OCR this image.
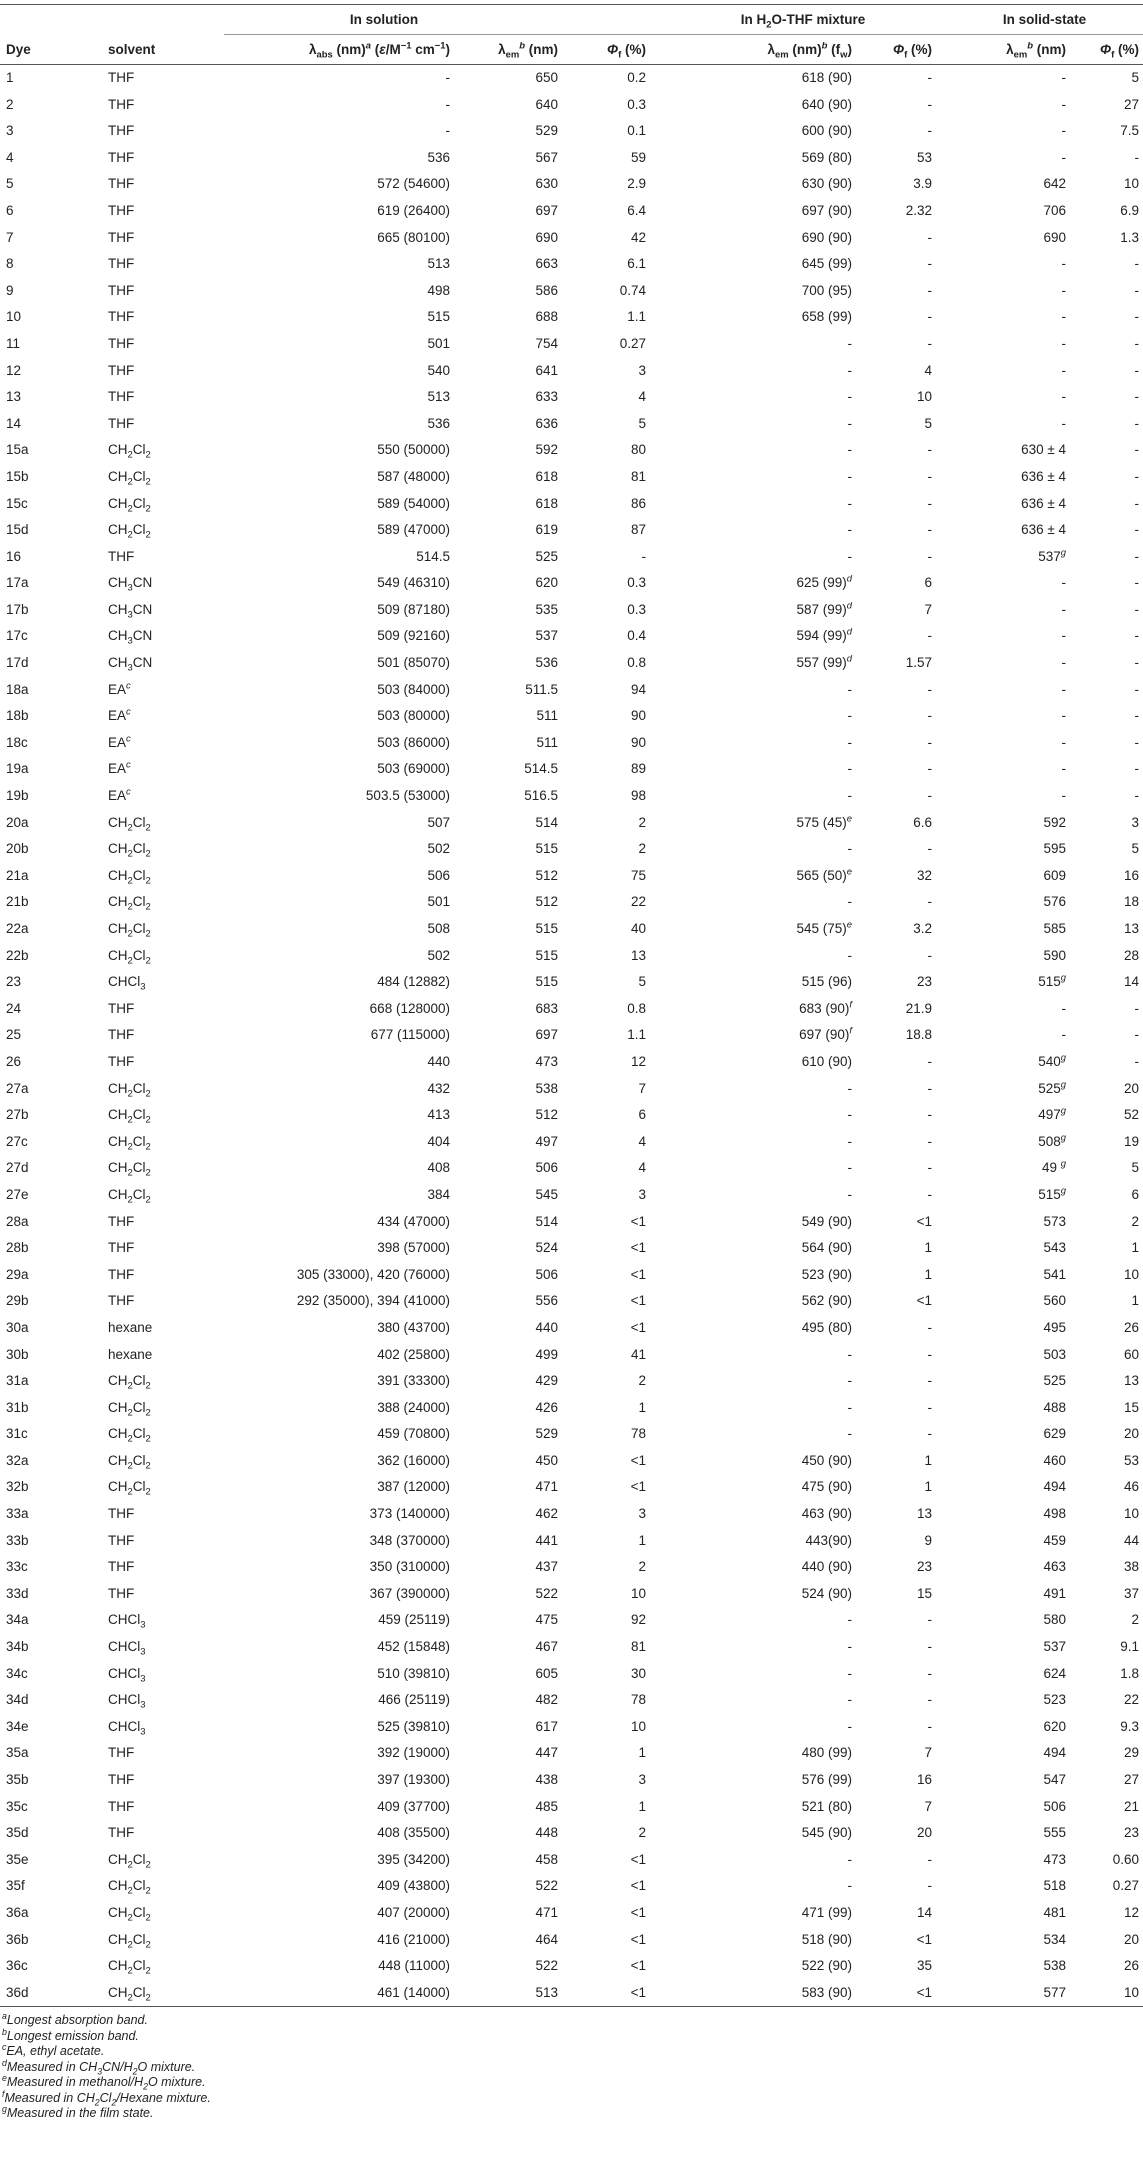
		In solution			In $H_2O$-THF mixture		In solid-state	
Dye	solvent	$\lambda_{abs}$ (nm)$^a$ ($\varepsilon/M^{-1}$ $cm^{-1}$)	$\lambda_{em}^b$ (nm)	$\Phi_f$ (%)	$\lambda_{em}$ (nm)$^b$ $(f_w)$	$\Phi_f$ (%)	$\lambda_{em}^b$ (nm)	$\Phi_f$ (%)
1	THF	-	650	0.2	618 (90)	-	-	5
2	THF	-	640	0.3	640 (90)	-	-	27
3	THF	-	529	0.1	600 (90)	-	-	7.5
4	THF	536	567	59	569 (80)	53	-	-
5	THF	572 (54600)	630	2.9	630 (90)	3.9	642	10
6	THF	619 (26400)	697	6.4	697 (90)	2.32	706	6.9
7	THF	665 (80100)	690	42	690 (90)	-	690	1.3
8	THF	513	663	6.1	645 (99)	-	-	-
9	THF	498	586	0.74	700 (95)	-	-	-
10	THF	515	688	1.1	658 (99)	-	-	-
11	THF	501	754	0.27	-	-	-	-
12	THF	540	641	3	-	4	-	-
13	THF	513	633	4	-	10	-	-
14	THF	536	636	5	-	5	-	-
15a	$CH_2Cl_2$	550 (50000)	592	80	-	-	630 ± 4	-
15b	$CH_2Cl_2$	587 (48000)	618	81	-	-	636 ± 4	-
15c	$CH_2Cl_2$	589 (54000)	618	86	-	-	636 ± 4	-
15d	$CH_2Cl_2$	589 (47000)	619	87	-	-	636 ± 4	-
16	THF	514.5	525	-	-	-	537$^g$	-
17a	$CH_3CN$	549 (46310)	620	0.3	625 $(99)^d$	6	-	-
17b	$CH_3CN$	509 (87180)	535	0.3	587 $(99)^d$	7	-	-
17c	$CH_3CN$	509 (92160)	537	0.4	594 $(99)^d$	-	-	-
17d	$CH_3CN$	501 (85070)	536	0.8	557 $(99)^d$	1.57	-	-
18a	$EA^c$	503 (84000)	511.5	94	-	-	-	-
18b	$EA^c$	503 (80000)	511	90	-	-	-	-
18c	$EA^c$	503 (86000)	511	90	-	-	-	-
19a	$EA^c$	503 (69000)	514.5	89	-	-	-	-
19b	$EA^c$	503.5 (53000)	516.5	98	-	-	-	-
20a	$CH_2Cl_2$	507	514	2	575 $(45)^e$	6.6	592	3
20b	$CH_2Cl_2$	502	515	2	-	-	595	5
21a	$CH_2Cl_2$	506	512	75	565 $(50)^e$	32	609	16
21b	$CH_2Cl_2$	501	512	22	-	-	576	18
22a	$CH_2Cl_2$	508	515	40	545 $(75)^e$	3.2	585	13
22b	$CH_2Cl_2$	502	515	13	-	-	590	28
23	CHCl$_3$	484 (12882)	515	5	515 (96)	23	515$^g$	14
24	THF	668 (128000)	683	0.8	683 $(90)^f$	21.9	-	-
25	THF	677 (115000)	697	1.1	697 $(90)^f$	18.8	-	-
26	THF	440	473	12	610 (90)	-	540$^g$	-
27a	$CH_2Cl_2$	432	538	7	-	-	525$^g$	20
27b	$CH_2Cl_2$	413	512	6	-	-	497$^g$	52
27c	$CH_2Cl_2$	404	497	4	-	-	508$^g$	19
27d	$CH_2Cl_2$	408	506	4	-	-	49 $^g$	5
27e	$CH_2Cl_2$	384	545	3	-	-	515$^g$	6
28a	THF	434 (47000)	514	<1	549 (90)	<1	573	2
28b	THF	398 (57000)	524	<1	564 (90)	1	543	1
29a	THF	305 (33000), 420 (76000)	506	<1	523 (90)	1	541	10
29b	THF	292 (35000), 394 (41000)	556	<1	562 (90)	<1	560	1
30a	hexane	380 (43700)	440	<1	495 (80)	-	495	26
30b	hexane	402 (25800)	499	41	-	-	503	60
31a	$CH_2Cl_2$	391 (33300)	429	2	-	-	525	13
31b	$CH_2Cl_2$	388 (24000)	426	1	-	-	488	15
31c	$CH_2Cl_2$	459 (70800)	529	78	-	-	629	20
32a	$CH_2Cl_2$	362 (16000)	450	<1	450 (90)	1	460	53
32b	$CH_2Cl_2$	387 (12000)	471	<1	475 (90)	1	494	46
33a	THF	373 (140000)	462	3	463 (90)	13	498	10
33b	THF	348 (370000)	441	1	443(90)	9	459	44
33c	THF	350 (310000)	437	2	440 (90)	23	463	38
33d	THF	367 (390000)	522	10	524 (90)	15	491	37
34a	CHCl$_3$	459 (25119)	475	92	-	-	580	2
34b	CHCl$_3$	452 (15848)	467	81	-	-	537	9.1
34c	CHCl$_3$	510 (39810)	605	30	-	-	624	1.8
34d	CHCl$_3$	466 (25119)	482	78	-	-	523	22
34e	CHCl$_3$	525 (39810)	617	10	-	-	620	9.3
35a	THF	392 (19000)	447	1	480 (99)	7	494	29
35b	THF	397 (19300)	438	3	576 (99)	16	547	27
35c	THF	409 (37700)	485	1	521 (80)	7	506	21
35d	THF	408 (35500)	448	2	545 (90)	20	555	23
35e	$CH_2Cl_2$	395 (34200)	458	<1	-	-	473	0.60
35f	$CH_2Cl_2$	409 (43800)	522	<1	-	-	518	0.27
36a	$CH_2Cl_2$	407 (20000)	471	<1	471 (99)	14	481	12
36b	$CH_2Cl_2$	416 (21000)	464	<1	518 (90)	<1	534	20
36c	$CH_2Cl_2$	448 (11000)	522	<1	522 (90)	35	538	26
36d	$CH_2Cl_2$	461 (14000)	513	<1	583 (90)	<1	577	10
$^a$Longest absorption band.
$^b$Longest emission band.
$^c$EA, ethyl acetate.
$^d$Measured in $CH_3CN/H_2O$ mixture.
$^e$Measured in methanol/$H_2O$ mixture.
$^f$Measured in $CH_2Cl_2$/Hexane mixture.
$^g$Measured in the film state.
